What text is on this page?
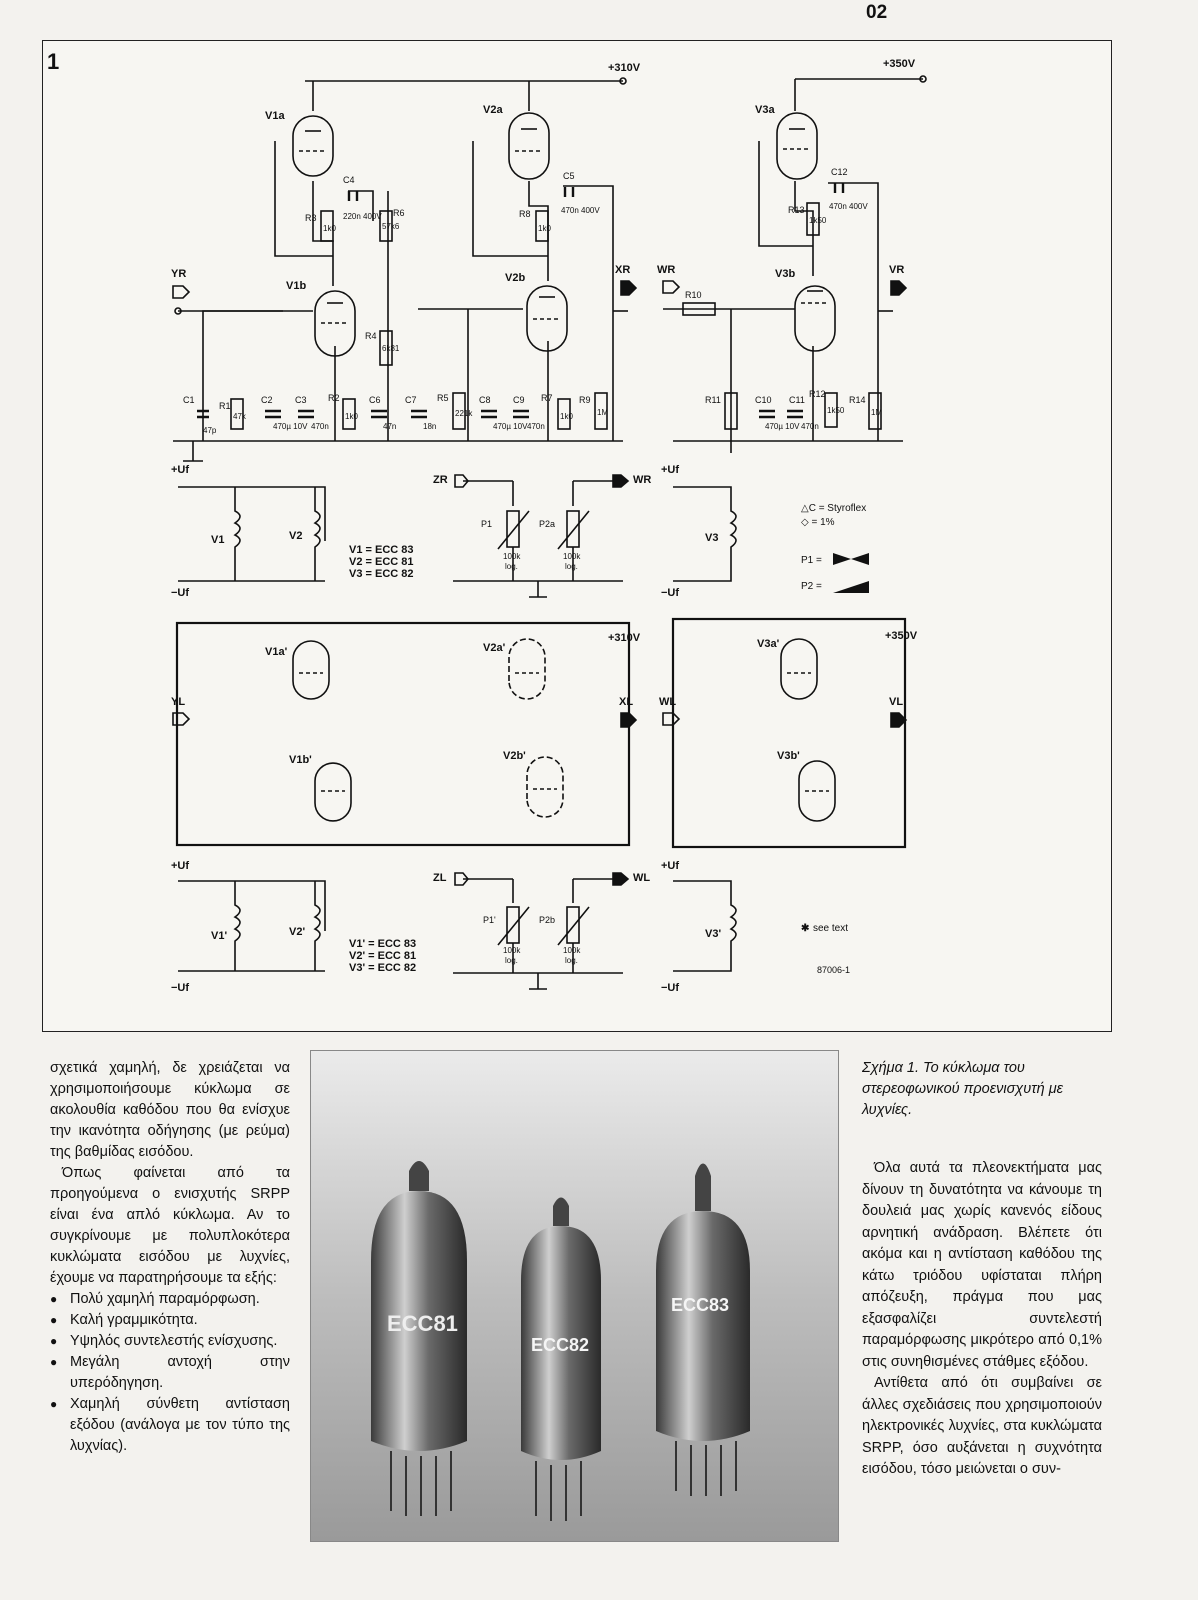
02
1	+310V	+350V
V1a
V1b
V2a
V2b
V3a
V3b
YR	XR WR	VR
R3
1k0
R6
57k6
R4
6k81
R8
1k0
R13
1k50
R10
R1
47k
R2
1k0
R5
221k
R7
1k0
R9
1M
R11
R12
1k50
R14
1M
C4
220n 400V
C5
470n 400V
C12
470n 400V
C1
47p
C2
470µ 10V
C3
470n
C6
47n
C7
18n
C8
470µ 10V
C9
470n
C10
470µ 10V
C11
470n
+Uf
−Uf
V1	V2
V1 = ECC 83
V2 = ECC 81
V3 = ECC 82
ZR	WR
P1	P2a
100k
log.
100k
log.
+Uf
−Uf
V3
△C = Styroflex
◇ = 1%
P1 =
P2 =
+310V	+350V
V1a'
V1b'
V2a'
V2b'
V3a'
V3b'
YL	XL WL	VL
+Uf
−Uf
V1'	V2'
V1' = ECC 83
V2' = ECC 81
V3' = ECC 82
ZL	WL
P1'	P2b
100k
log.
100k
log.
+Uf
−Uf
V3'	✱ see text
87006-1

σχετικά χαμηλή, δε χρειάζεται να χρησιμοποιήσουμε κύκλωμα σε ακολουθία καθόδου που θα ενίσχυε την ικανότητα οδήγησης (με ρεύμα) της βαθμίδας εισόδου.

Όπως φαίνεται από τα προηγούμενα ο ενισχυτής SRPP είναι ένα απλό κύκλωμα. Αν το συγκρίνουμε με πολυπλοκότερα κυκλώματα εισόδου με λυχνίες, έχουμε να παρατηρήσουμε τα εξής:

● Πολύ χαμηλή παραμόρφωση.
● Καλή γραμμικότητα.
● Υψηλός συντελεστής ενίσχυσης.
● Μεγάλη αντοχή στην υπερόδηγηση.
● Χαμηλή σύνθετη αντίσταση εξόδου (ανάλογα με τον τύπο της λυχνίας).
ECC81
ECC82
ECC83
Σχήμα 1. Το κύκλωμα του στερεοφωνικού προενισχυτή με λυχνίες.

Όλα αυτά τα πλεονεκτήματα μας δίνουν τη δυνατότητα να κάνουμε τη δουλειά μας χωρίς κανενός είδους αρνητική ανάδραση. Βλέπετε ότι ακόμα και η αντίσταση καθόδου της κάτω τριόδου υφίσταται πλήρη απόζευξη, πράγμα που μας εξασφαλίζει συντελεστή παραμόρφωσης μικρότερο από 0,1% στις συνηθισμένες στάθμες εξόδου.

Αντίθετα από ότι συμβαίνει σε άλλες σχεδιάσεις που χρησιμοποιούν ηλεκτρονικές λυχνίες, στα κυκλώματα SRPP, όσο αυξάνεται η συχνότητα εισόδου, τόσο μειώνεται ο συν-
